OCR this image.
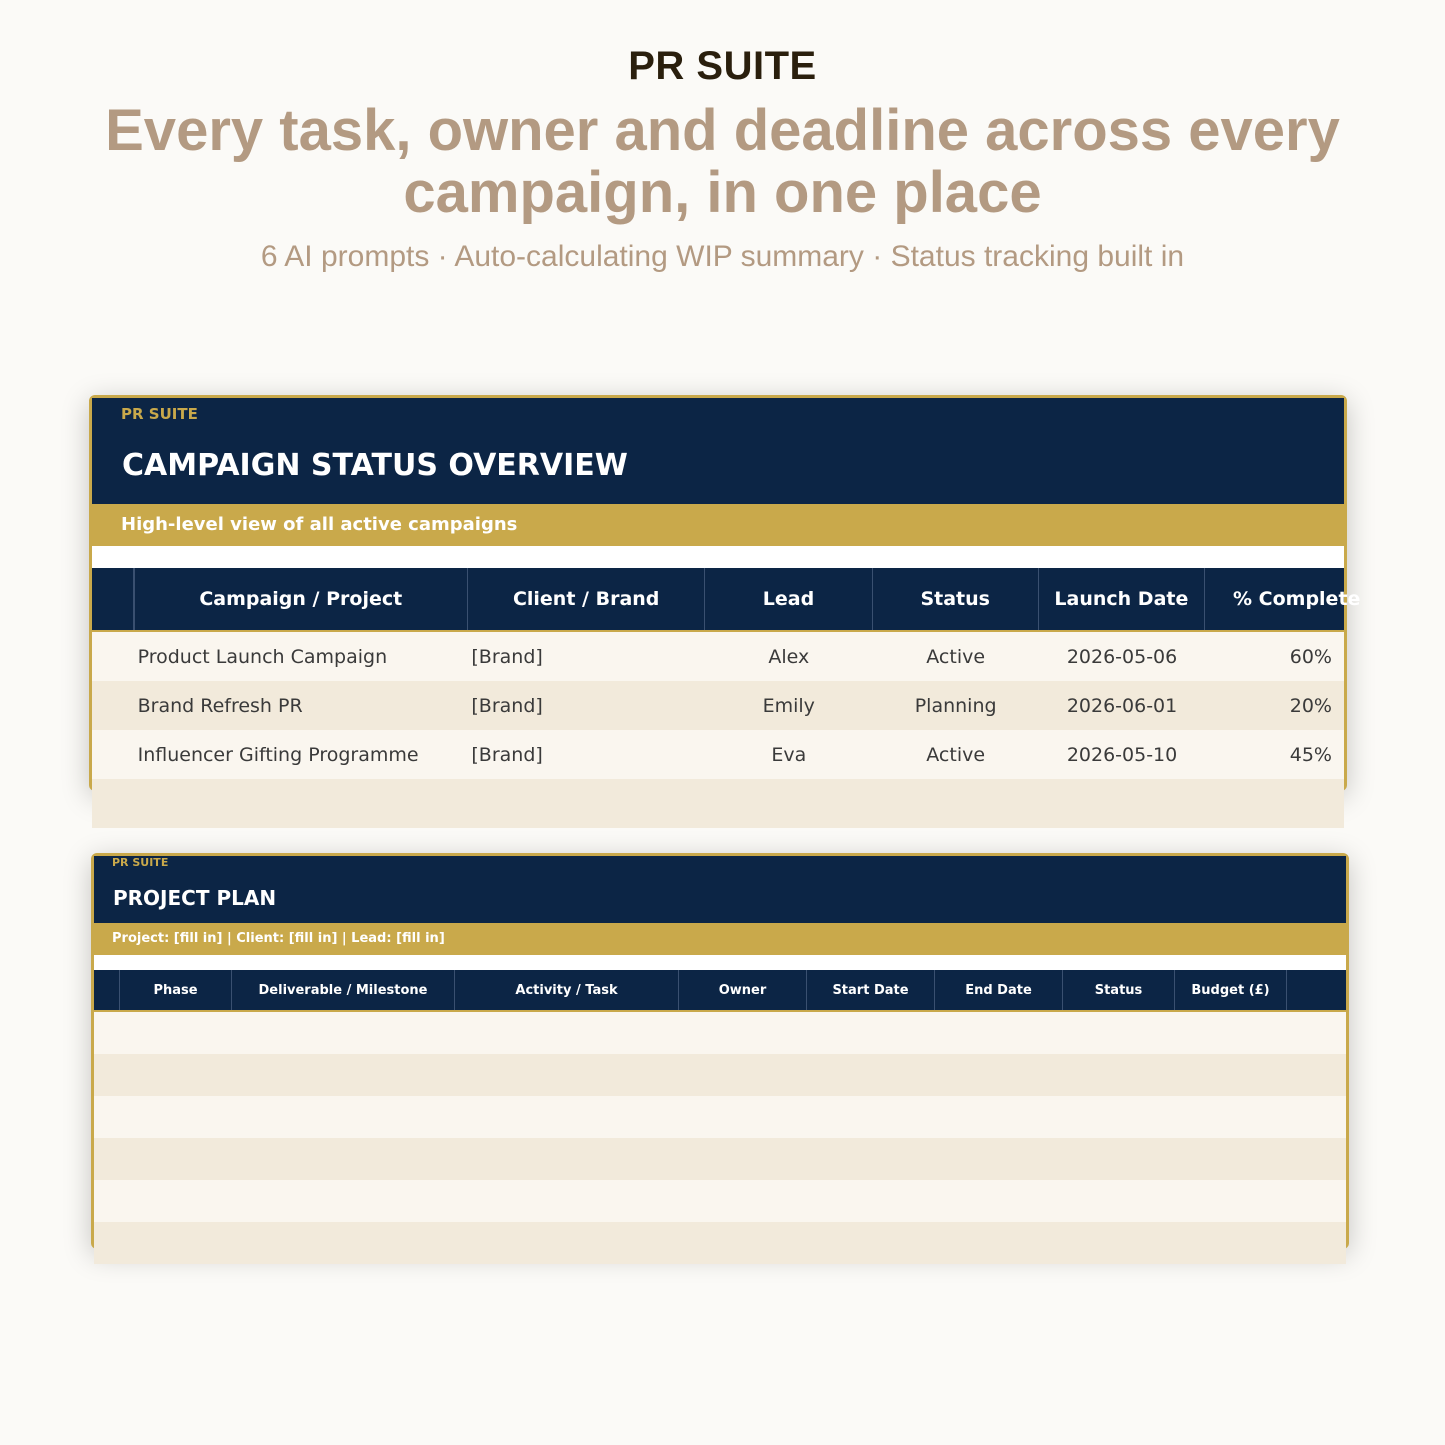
PR SUITE
Every task, owner and deadline across every campaign, in one place
6 AI prompts · Auto-calculating WIP summary · Status tracking built in
PR SUITE
CAMPAIGN STATUS OVERVIEW
High-level view of all active campaigns
Campaign / Project	Client / Brand	Lead	Status	Launch Date	% Complete
Product Launch Campaign	[Brand]	Alex	Active	2026-05-06	60%
Brand Refresh PR	[Brand]	Emily	Planning	2026-06-01	20%
Influencer Gifting Programme	[Brand]	Eva	Active	2026-05-10	45%
PR SUITE
PROJECT PLAN
Project: [fill in] | Client: [fill in] | Lead: [fill in]
Phase	Deliverable / Milestone	Activity / Task	Owner	Start Date	End Date	Status	Budget (£)
